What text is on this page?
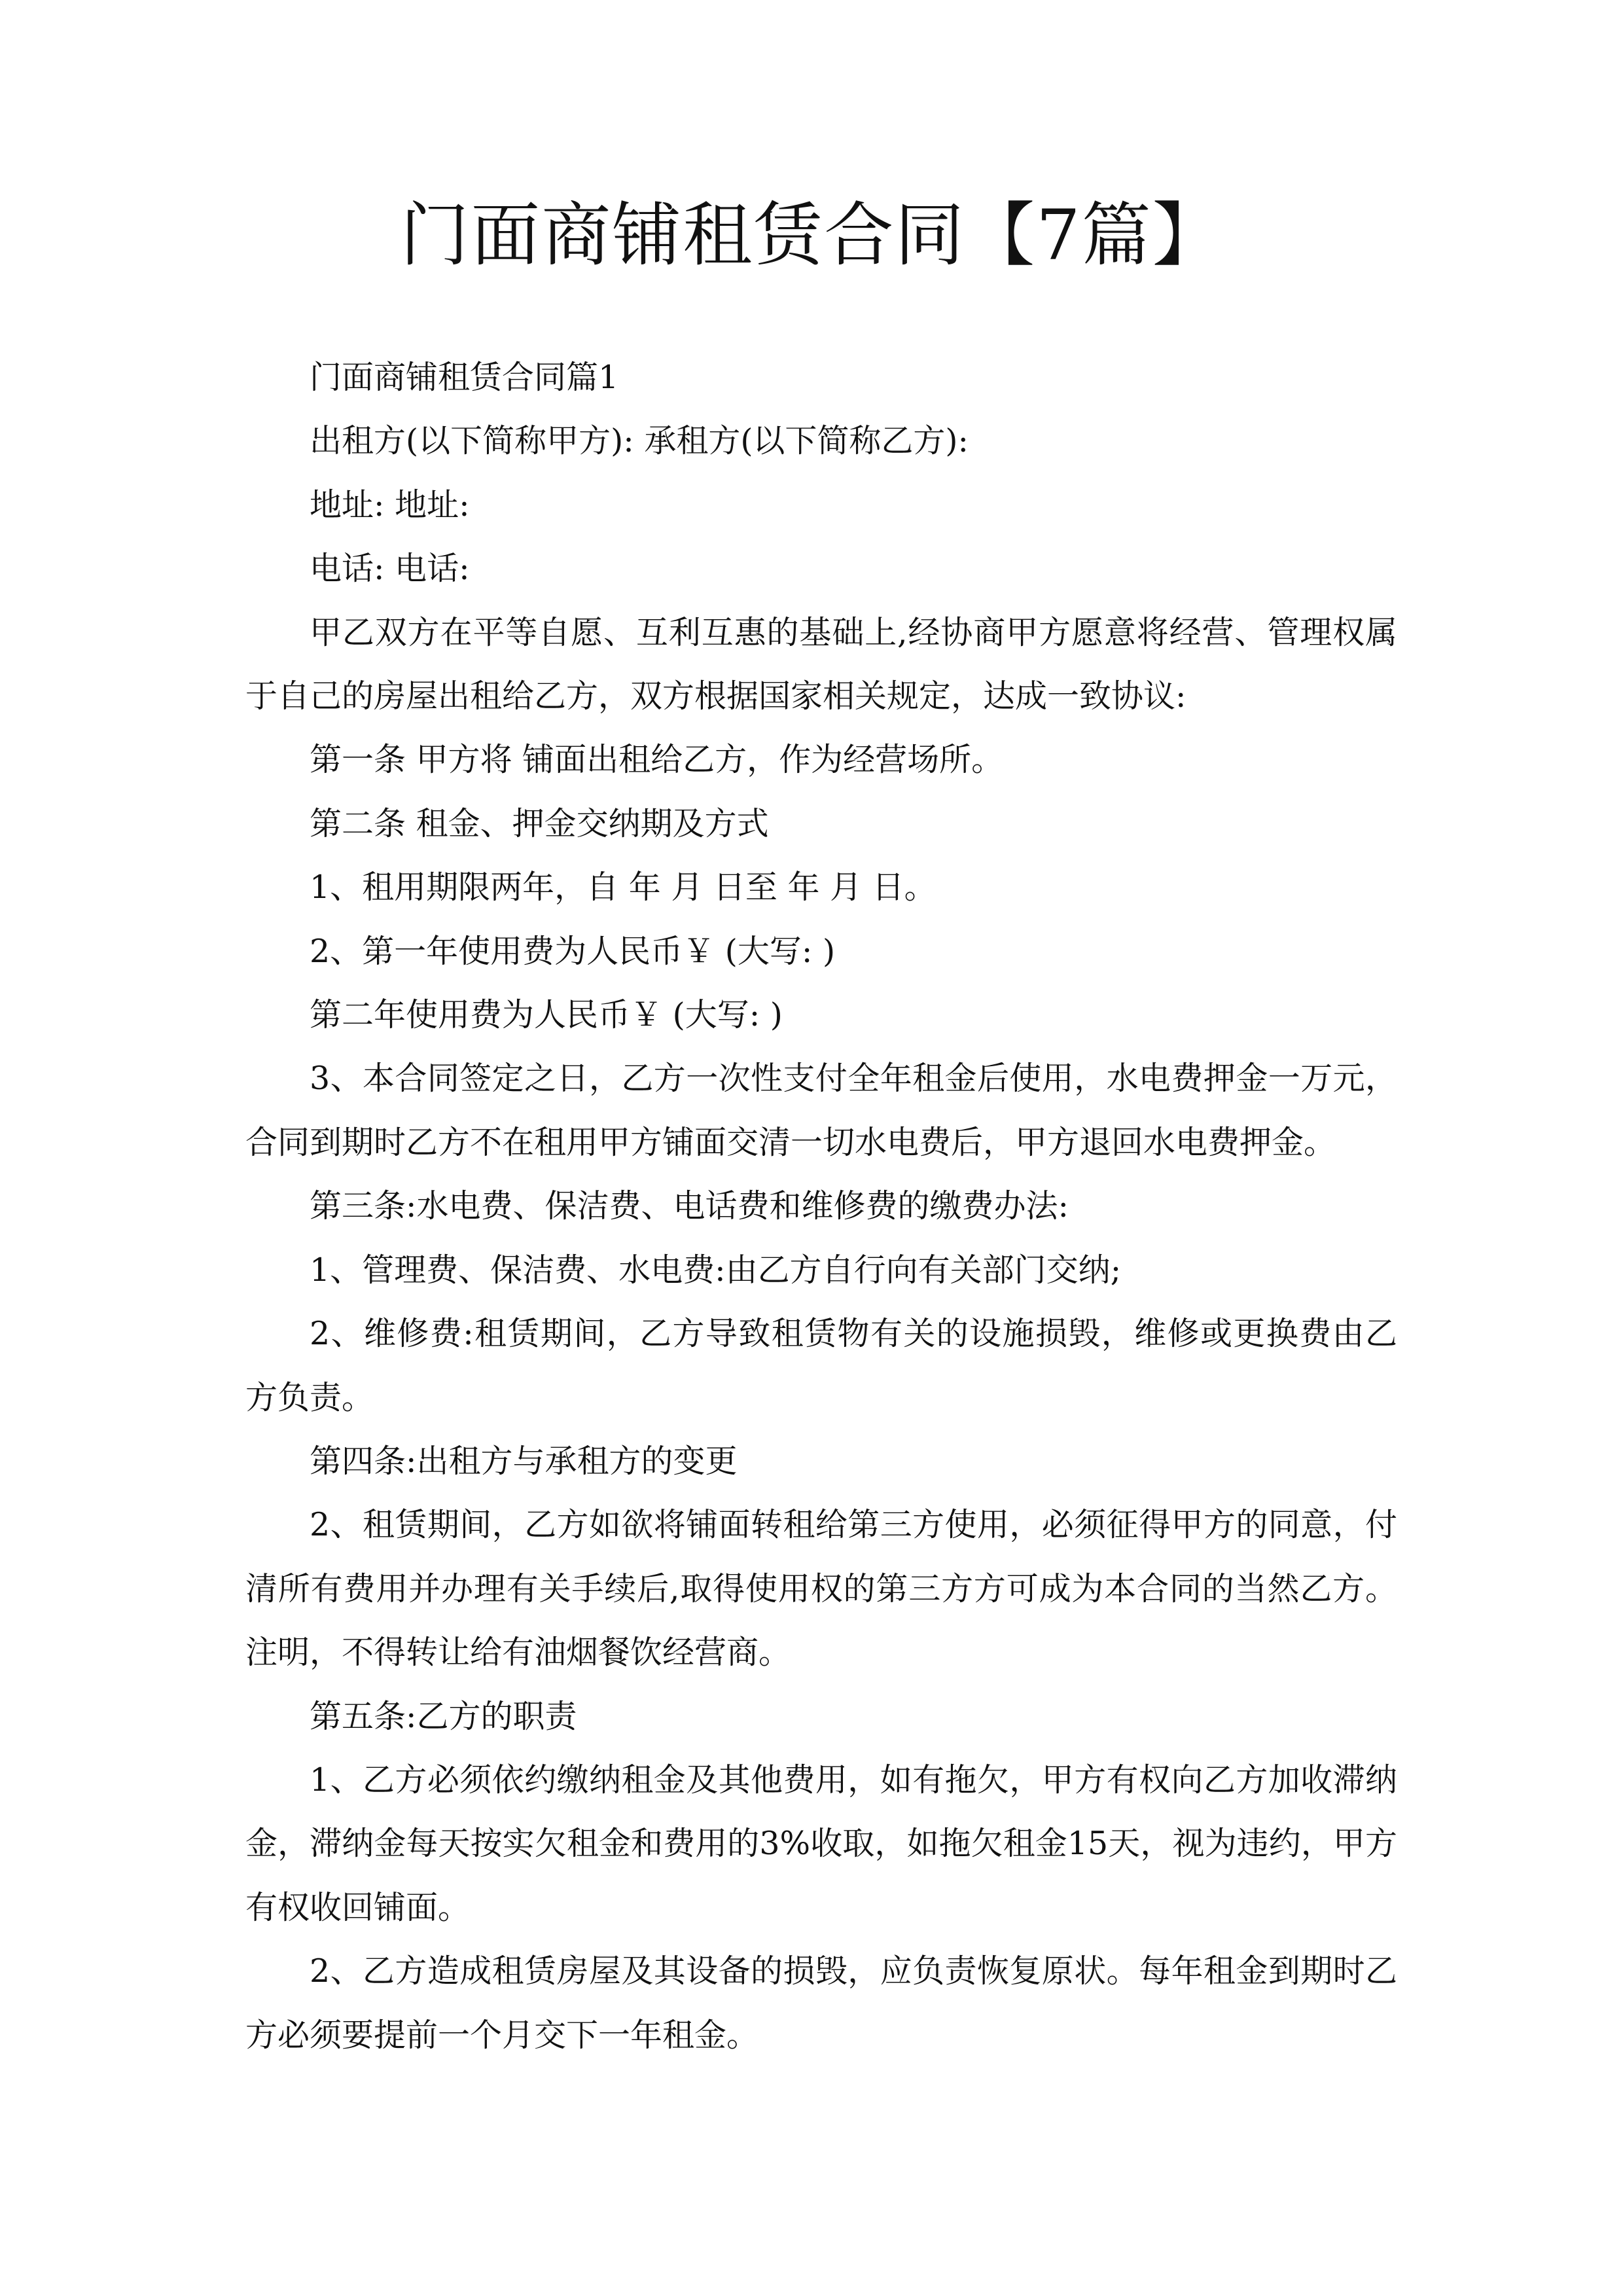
门面商铺租赁合同【7篇】

门面商铺租赁合同篇1

出租方(以下简称甲方): 承租方(以下简称乙方):

地址: 地址:

电话: 电话:

甲乙双方在平等自愿、互利互惠的基础上,经协商甲方愿意将经营、管理权属于自己的房屋出租给乙方，双方根据国家相关规定，达成一致协议:

第一条 甲方将 铺面出租给乙方，作为经营场所。

第二条 租金、押金交纳期及方式

1、租用期限两年，自 年 月 日至 年 月 日。

2、第一年使用费为人民币￥ (大写: )

第二年使用费为人民币￥ (大写: )

3、本合同签定之日，乙方一次性支付全年租金后使用，水电费押金一万元，合同到期时乙方不在租用甲方铺面交清一切水电费后，甲方退回水电费押金。

第三条:水电费、保洁费、电话费和维修费的缴费办法:

1、管理费、保洁费、水电费:由乙方自行向有关部门交纳;

2、维修费:租赁期间，乙方导致租赁物有关的设施损毁，维修或更换费由乙方负责。

第四条:出租方与承租方的变更

2、租赁期间，乙方如欲将铺面转租给第三方使用，必须征得甲方的同意，付清所有费用并办理有关手续后,取得使用权的第三方方可成为本合同的当然乙方。注明，不得转让给有油烟餐饮经营商。

第五条:乙方的职责

1、乙方必须依约缴纳租金及其他费用，如有拖欠，甲方有权向乙方加收滞纳金，滞纳金每天按实欠租金和费用的3%收取，如拖欠租金15天，视为违约，甲方有权收回铺面。

2、乙方造成租赁房屋及其设备的损毁，应负责恢复原状。每年租金到期时乙方必须要提前一个月交下一年租金。
